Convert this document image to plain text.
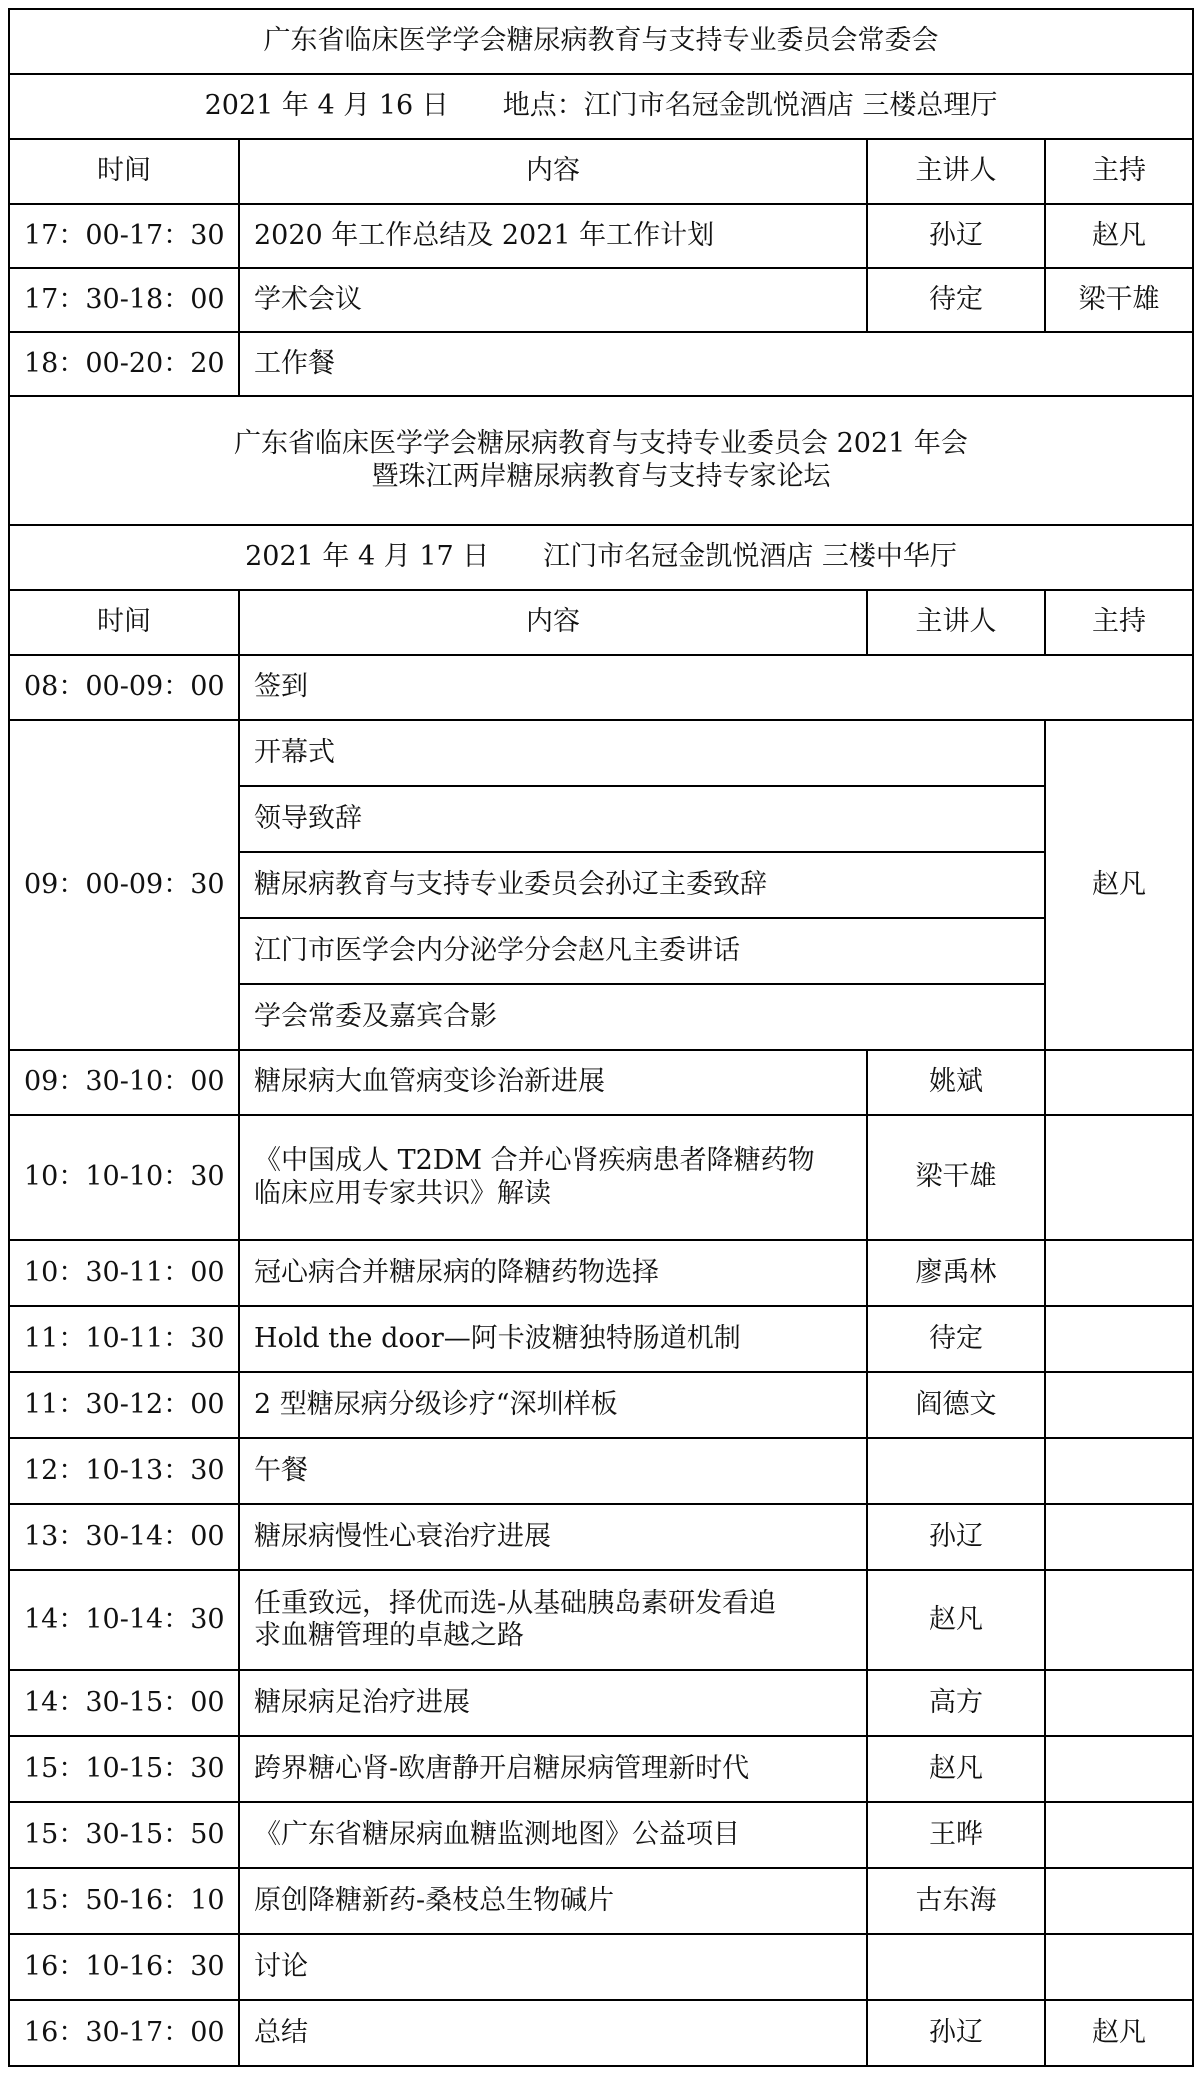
广东省临床医学学会糖尿病教育与支持专业委员会常委会			
2021 年 4 月 16 日　　地点：江门市名冠金凯悦酒店 三楼总理厅			
时间	内容	主讲人	主持
17：00-17：30	2020 年工作总结及 2021 年工作计划	孙辽	赵凡
17：30-18：00	学术会议	待定	梁干雄
18：00-20：20	工作餐		

广东省临床医学学会糖尿病教育与支持专业委员会 2021 年会
暨珠江两岸糖尿病教育与支持专家论坛			

2021 年 4 月 17 日　　江门市名冠金凯悦酒店 三楼中华厅			
时间	内容	主讲人	主持
08：00-09：00	签到		
09：00-09：30	开幕式		赵凡
	领导致辞		
	糖尿病教育与支持专业委员会孙辽主委致辞		
	江门市医学会内分泌学分会赵凡主委讲话		
	学会常委及嘉宾合影		
09：30-10：00	糖尿病大血管病变诊治新进展	姚斌	
10：10-10：30	《中国成人 T2DM 合并心肾疾病患者降糖药物
临床应用专家共识》解读	梁干雄	
10：30-11：00	冠心病合并糖尿病的降糖药物选择	廖禹林	
11：10-11：30	Hold the door—阿卡波糖独特肠道机制	待定	
11：30-12：00	2 型糖尿病分级诊疗“深圳样板	阎德文	
12：10-13：30	午餐		
13：30-14：00	糖尿病慢性心衰治疗进展	孙辽	
14：10-14：30	任重致远，择优而选-从基础胰岛素研发看追
求血糖管理的卓越之路	赵凡	
14：30-15：00	糖尿病足治疗进展	高方	
15：10-15：30	跨界糖心肾-欧唐静开启糖尿病管理新时代	赵凡	
15：30-15：50	《广东省糖尿病血糖监测地图》公益项目	王晔	
15：50-16：10	原创降糖新药-桑枝总生物碱片	古东海	
16：10-16：30	讨论		
16：30-17：00	总结	孙辽	赵凡
